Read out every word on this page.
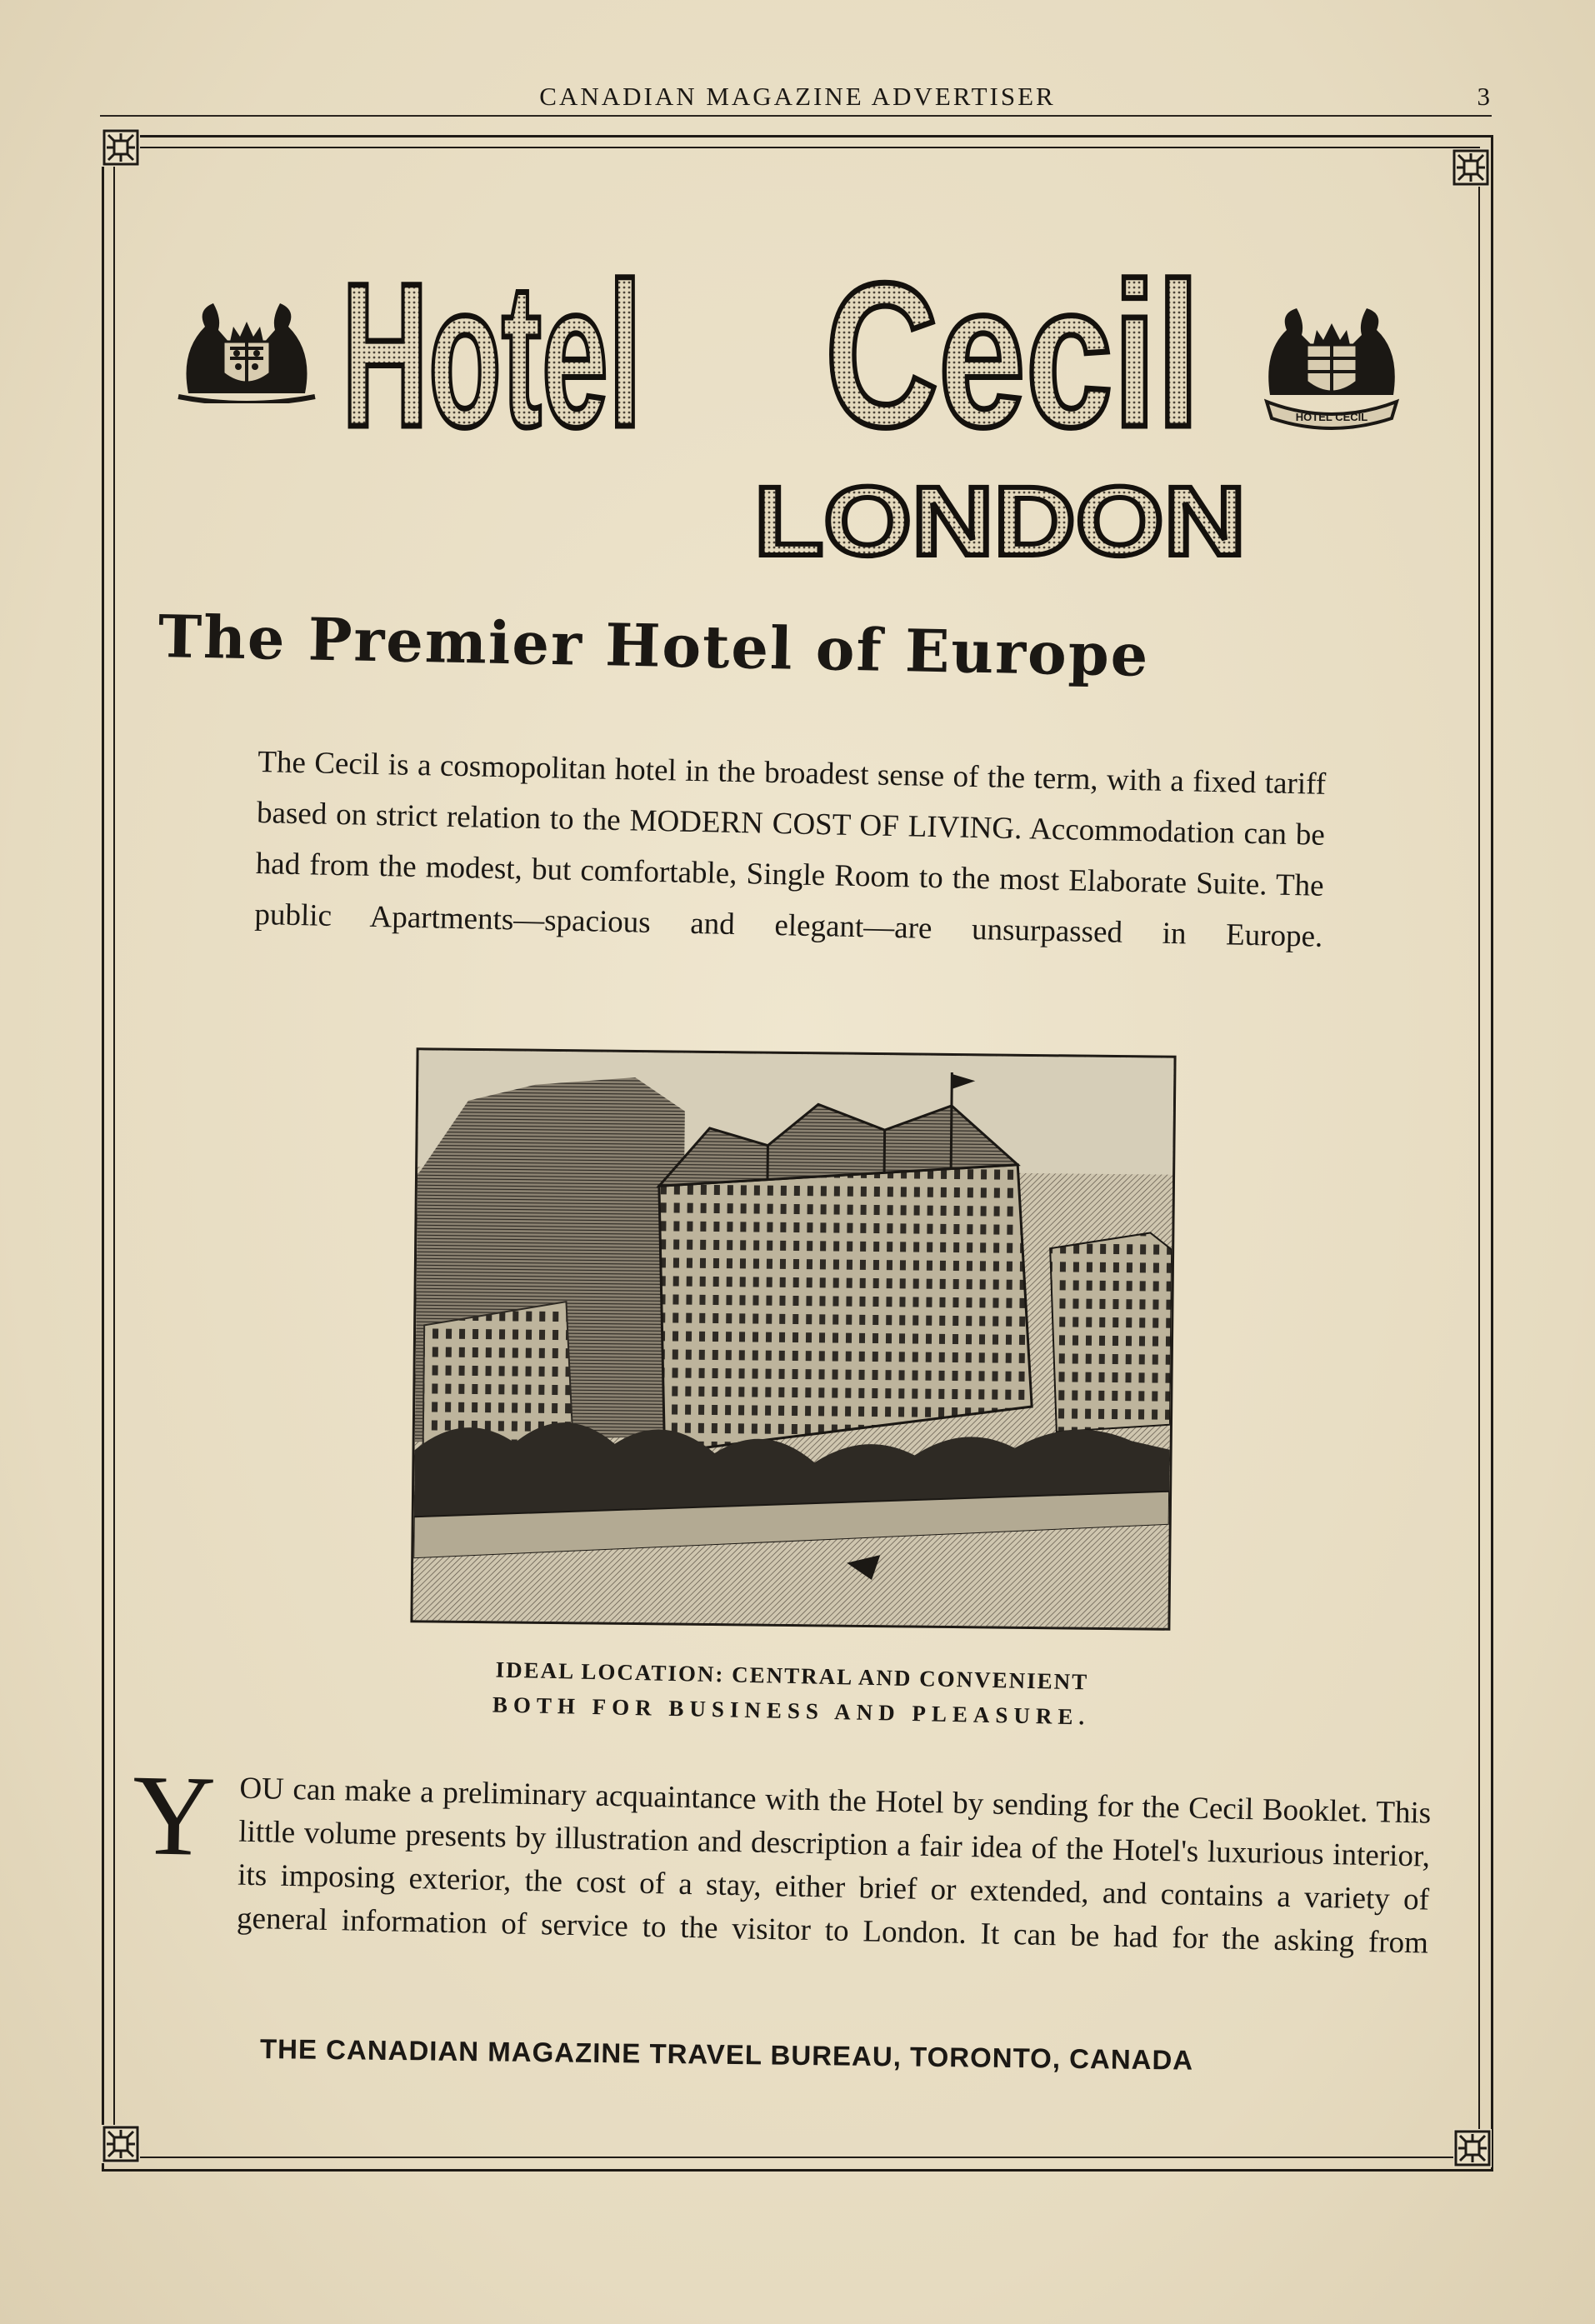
CANADIAN MAGAZINE ADVERTISER	3
HOTEL CECIL
Hotel Cecil
LONDON
The Premier Hotel of Europe
The Cecil is a cosmopolitan hotel in the broadest sense of the term, with a fixed tariff based on strict relation to the MODERN COST OF LIVING. Accommodation can be had from the modest, but comfortable, Single Room to the most Elaborate Suite. The public Apartments—spacious and elegant—are unsurpassed in Europe.
IDEAL LOCATION: CENTRAL AND CONVENIENT
BOTH FOR BUSINESS AND PLEASURE.
Y OU can make a preliminary acquaintance with the Hotel by sending for the Cecil Booklet. This little volume presents by illustration and description a fair idea of the Hotel's luxurious interior, its imposing exterior, the cost of a stay, either brief or extended, and contains a variety of general information of service to the visitor to London. It can be had for the asking from
THE CANADIAN MAGAZINE TRAVEL BUREAU, TORONTO, CANADA
